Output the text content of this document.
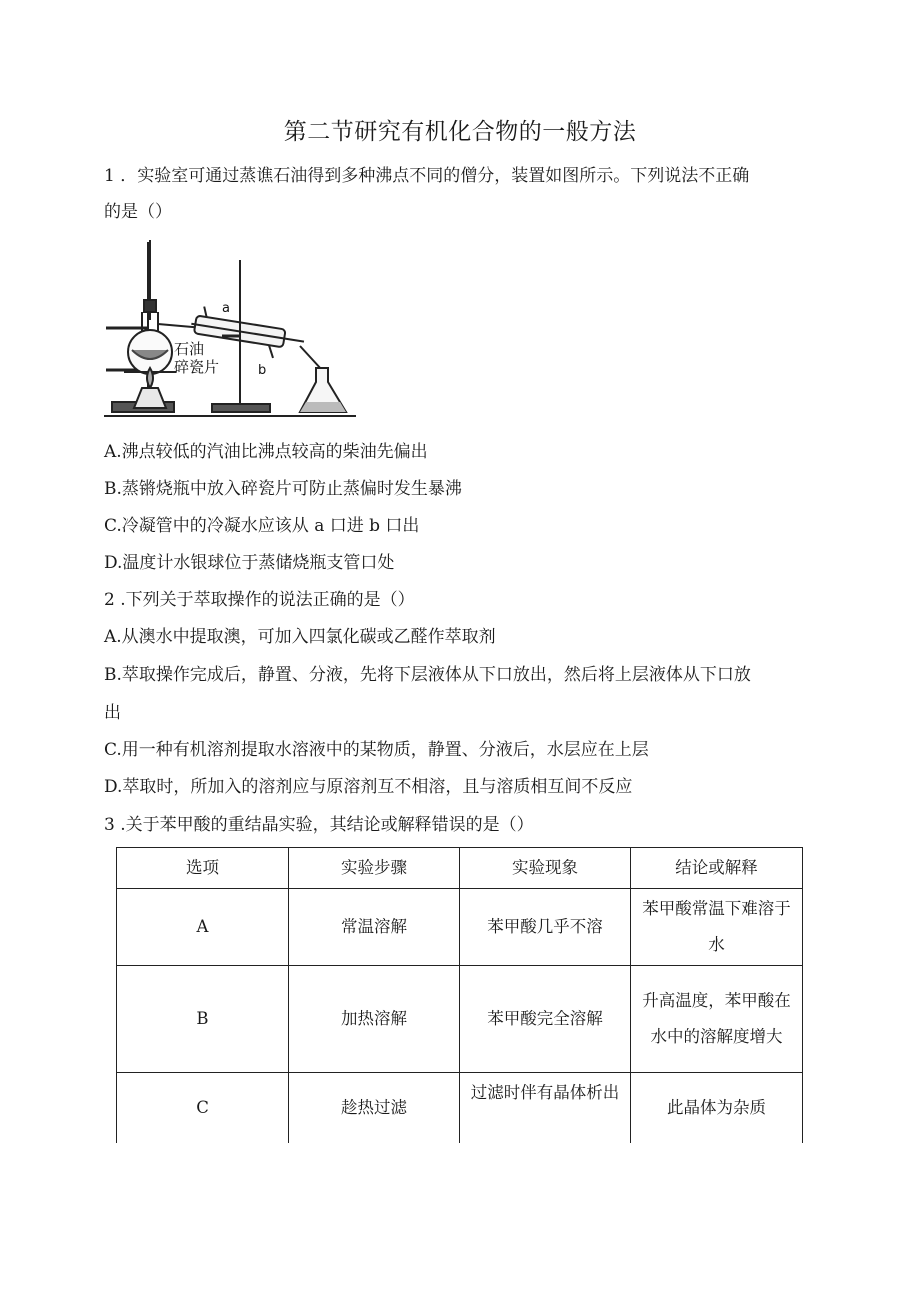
第二节研究有机化合物的一般方法
1 ．实验室可通过蒸谯石油得到多种沸点不同的僧分，装置如图所示。下列说法不正确
的是（）
a
b
石油
碎瓷片
A.沸点较低的汽油比沸点较高的柴油先偏出
B.蒸锵烧瓶中放入碎瓷片可防止蒸偏时发生暴沸
C.冷凝管中的冷凝水应该从 a 口进 b 口出
D.温度计水银球位于蒸储烧瓶支管口处
2 .下列关于萃取操作的说法正确的是（）
A.从澳水中提取澳，可加入四氯化碳或乙醛作萃取剂
B.萃取操作完成后，静置、分液，先将下层液体从下口放出，然后将上层液体从下口放
出
C.用一种有机溶剂提取水溶液中的某物质，静置、分液后，水层应在上层
D.萃取时，所加入的溶剂应与原溶剂互不相溶，且与溶质相互间不反应
3 .关于苯甲酸的重结晶实验，其结论或解释错误的是（）
选项	实验步骤	实验现象	结论或解释
A	常温溶解	苯甲酸几乎不溶	苯甲酸常温下难溶于
水

B	加热溶解	苯甲酸完全溶解	升高温度，苯甲酸在
水中的溶解度增大

C	趁热过滤	过滤时伴有晶体析出	此晶体为杂质
